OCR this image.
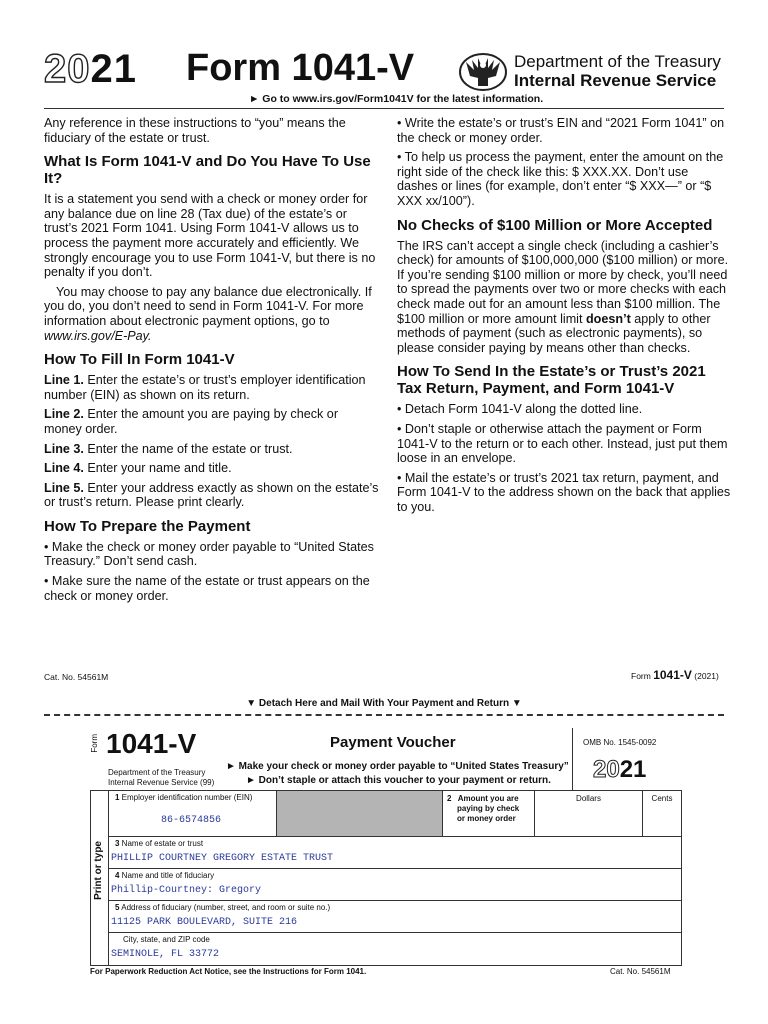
2021 Form 1041-V	Department of the Treasury
Internal Revenue Service
► Go to www.irs.gov/Form1041V for the latest information.

Any reference in these instructions to “you” means the fiduciary of the estate or trust.

What Is Form 1041-V and Do You Have To Use It?

It is a statement you send with a check or money order for any balance due on line 28 (Tax due) of the estate’s or trust’s 2021 Form 1041. Using Form 1041-V allows us to process the payment more accurately and efficiently. We strongly encourage you to use Form 1041-V, but there is no penalty if you don’t.

You may choose to pay any balance due electronically. If you do, you don’t need to send in Form 1041-V. For more information about electronic payment options, go to www.irs.gov/E-Pay.

How To Fill In Form 1041-V

Line 1. Enter the estate’s or trust’s employer identification number (EIN) as shown on its return.

Line 2. Enter the amount you are paying by check or money order.

Line 3. Enter the name of the estate or trust.

Line 4. Enter your name and title.

Line 5. Enter your address exactly as shown on the estate’s or trust’s return. Please print clearly.

How To Prepare the Payment

• Make the check or money order payable to “United States Treasury.” Don’t send cash.

• Make sure the name of the estate or trust appears on the check or money order.

• Write the estate’s or trust’s EIN and “2021 Form 1041” on the check or money order.

• To help us process the payment, enter the amount on the right side of the check like this: $ XXX.XX. Don’t use dashes or lines (for example, don’t enter “$ XXX—” or “$ XXX xx/100”).

No Checks of $100 Million or More Accepted

The IRS can’t accept a single check (including a cashier’s check) for amounts of $100,000,000 ($100 million) or more. If you’re sending $100 million or more by check, you’ll need to spread the payments over two or more checks with each check made out for an amount less than $100 million. The $100 million or more amount limit doesn’t apply to other methods of payment (such as electronic payments), so please consider paying by means other than checks.

How To Send In the Estate’s or Trust’s 2021 Tax Return, Payment, and Form 1041-V

• Detach Form 1041-V along the dotted line.

• Don’t staple or otherwise attach the payment or Form 1041-V to the return or to each other. Instead, just put them loose in an envelope.

• Mail the estate’s or trust’s 2021 tax return, payment, and Form 1041-V to the address shown on the back that applies to you.

Cat. No. 54561M	Form 1041-V (2021)
▼ Detach Here and Mail With Your Payment and Return ▼
Form 1041-V
Department of the Treasury
Internal Revenue Service (99)
Payment Voucher
► Make your check or money order payable to “United States Treasury”
► Don’t staple or attach this voucher to your payment or return.
OMB No. 1545-0092
2021
Print or type
1 Employer identification number (EIN)
86-6574856
2 Amount you are
paying by check
or money order
Dollars	Cents
3 Name of estate or trust
PHILLIP COURTNEY GREGORY ESTATE TRUST
4 Name and title of fiduciary
Phillip-Courtney: Gregory
5 Address of fiduciary (number, street, and room or suite no.)
11125 PARK BOULEVARD, SUITE 216
City, state, and ZIP code
SEMINOLE, FL 33772
For Paperwork Reduction Act Notice, see the Instructions for Form 1041.	Cat. No. 54561M
